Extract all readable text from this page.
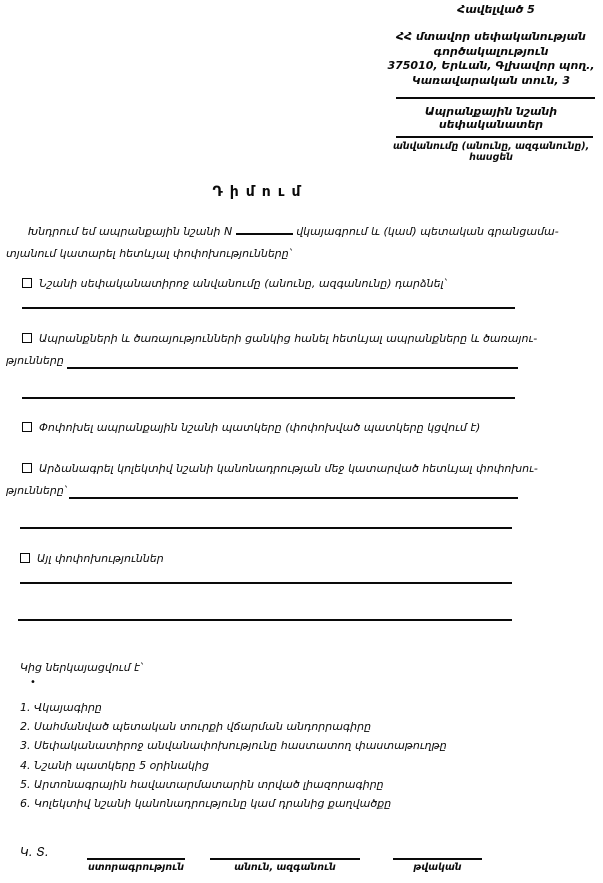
Հավելված 5
ՀՀ մտավոր սեփականության
գործակալություն
375010, Երևան, Գլխավոր պող.,
Կառավարական տուն, 3
Ապրանքային նշանի սեփականատեր
անվանումը (անունը, ազգանունը), հասցեն
Դիմում
Խնդրում եմ ապրանքային նշանի N	վկայագրում և (կամ) պետական գրանցամա-
տյանում կատարել հետևյալ փոփոխությունները՝
Նշանի սեփականատիրոջ անվանումը (անունը, ազգանունը) դարձնել՝
Ապրանքների և ծառայությունների ցանկից հանել հետևյալ ապրանքները և ծառայու-
թյունները
Փոփոխել ապրանքային նշանի պատկերը (փոփոխված պատկերը կցվում է)
Արձանագրել կոլեկտիվ նշանի կանոնադրության մեջ կատարված հետևյալ փոփոխու-
թյունները՝
Այլ փոփոխություններ
Կից ներկայացվում է՝
•
1. Վկայագիրը
2. Սահմանված պետական տուրքի վճարման անդորրագիրը
3. Սեփականատիրոջ անվանափոխությունը հաստատող փաստաթուղթը
4. Նշանի պատկերը 5 օրինակից
5. Արտոնագրային հավատարմատարին տրված լիազորագիրը
6. Կոլեկտիվ նշանի կանոնադրությունը կամ դրանից քաղվածքը
Կ. Տ.
ստորագրություն	անուն, ազգանուն	թվական
